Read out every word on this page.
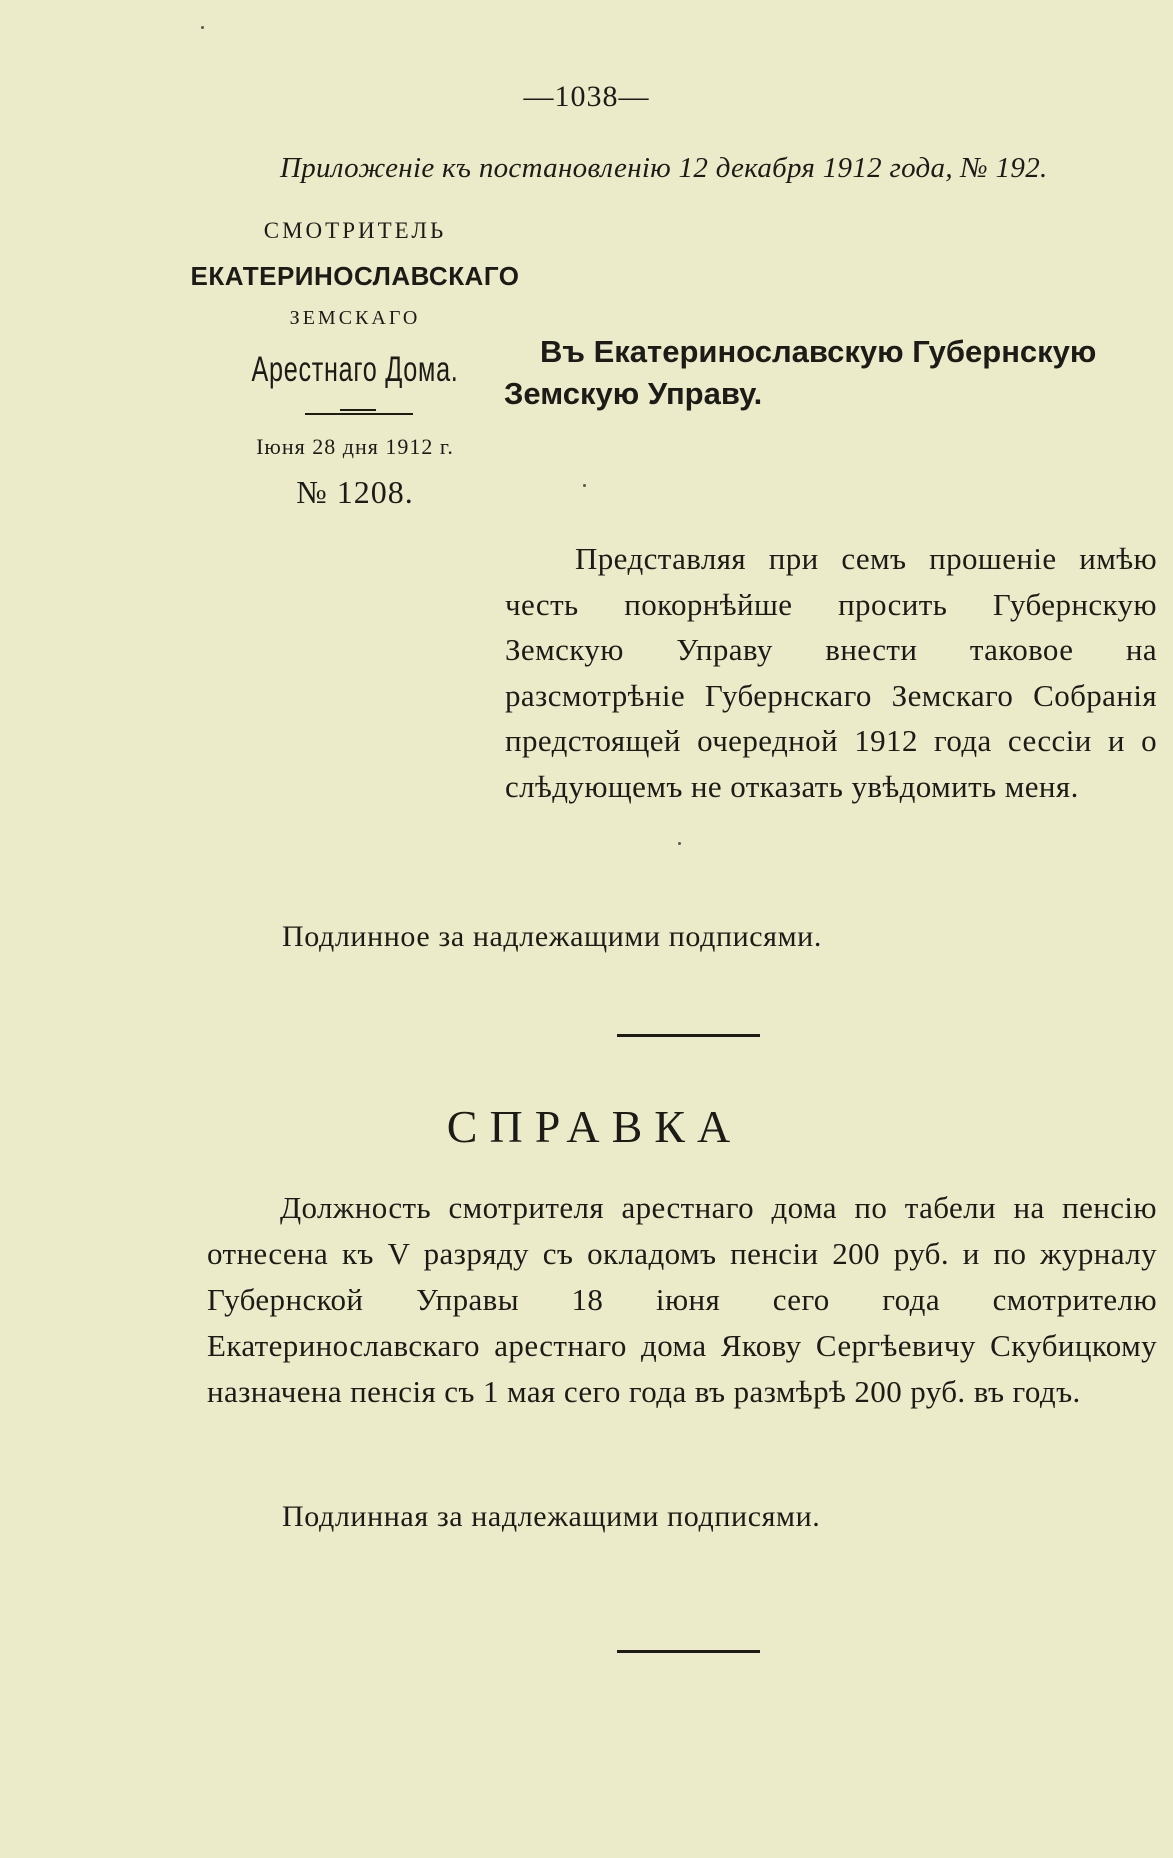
—1038—
Приложеніе къ постановленію 12 декабря 1912 года, № 192.
СМОТРИТЕЛЬ
ЕКАТЕРИНОСЛАВСКАГО
ЗЕМСКАГО
Арестнаго Дома.
Іюня 28 дня 1912 г.
№ 1208.
Въ Екатеринославскую Губернскую
Земскую Управу.
Представляя при семъ прошеніе имѣю честь покорнѣйше просить Губернскую Земскую Управу внести таковое на разсмотрѣніе Губернскаго Земскаго Собранія предстоящей очередной 1912 года сессіи и о слѣдующемъ не отказать увѣдомить меня.
Подлинное за надлежащими подписями.
СПРАВКА
Должность смотрителя арестнаго дома по табели на пенсію отнесена къ V разряду съ окладомъ пенсіи 200 руб. и по журналу Губернской Управы 18 іюня сего года смотрителю Екатеринославскаго арестнаго дома Якову Сергѣевичу Скубицкому назначена пенсія съ 1 мая сего года въ размѣрѣ 200 руб. въ годъ.
Подлинная за надлежащими подписями.
